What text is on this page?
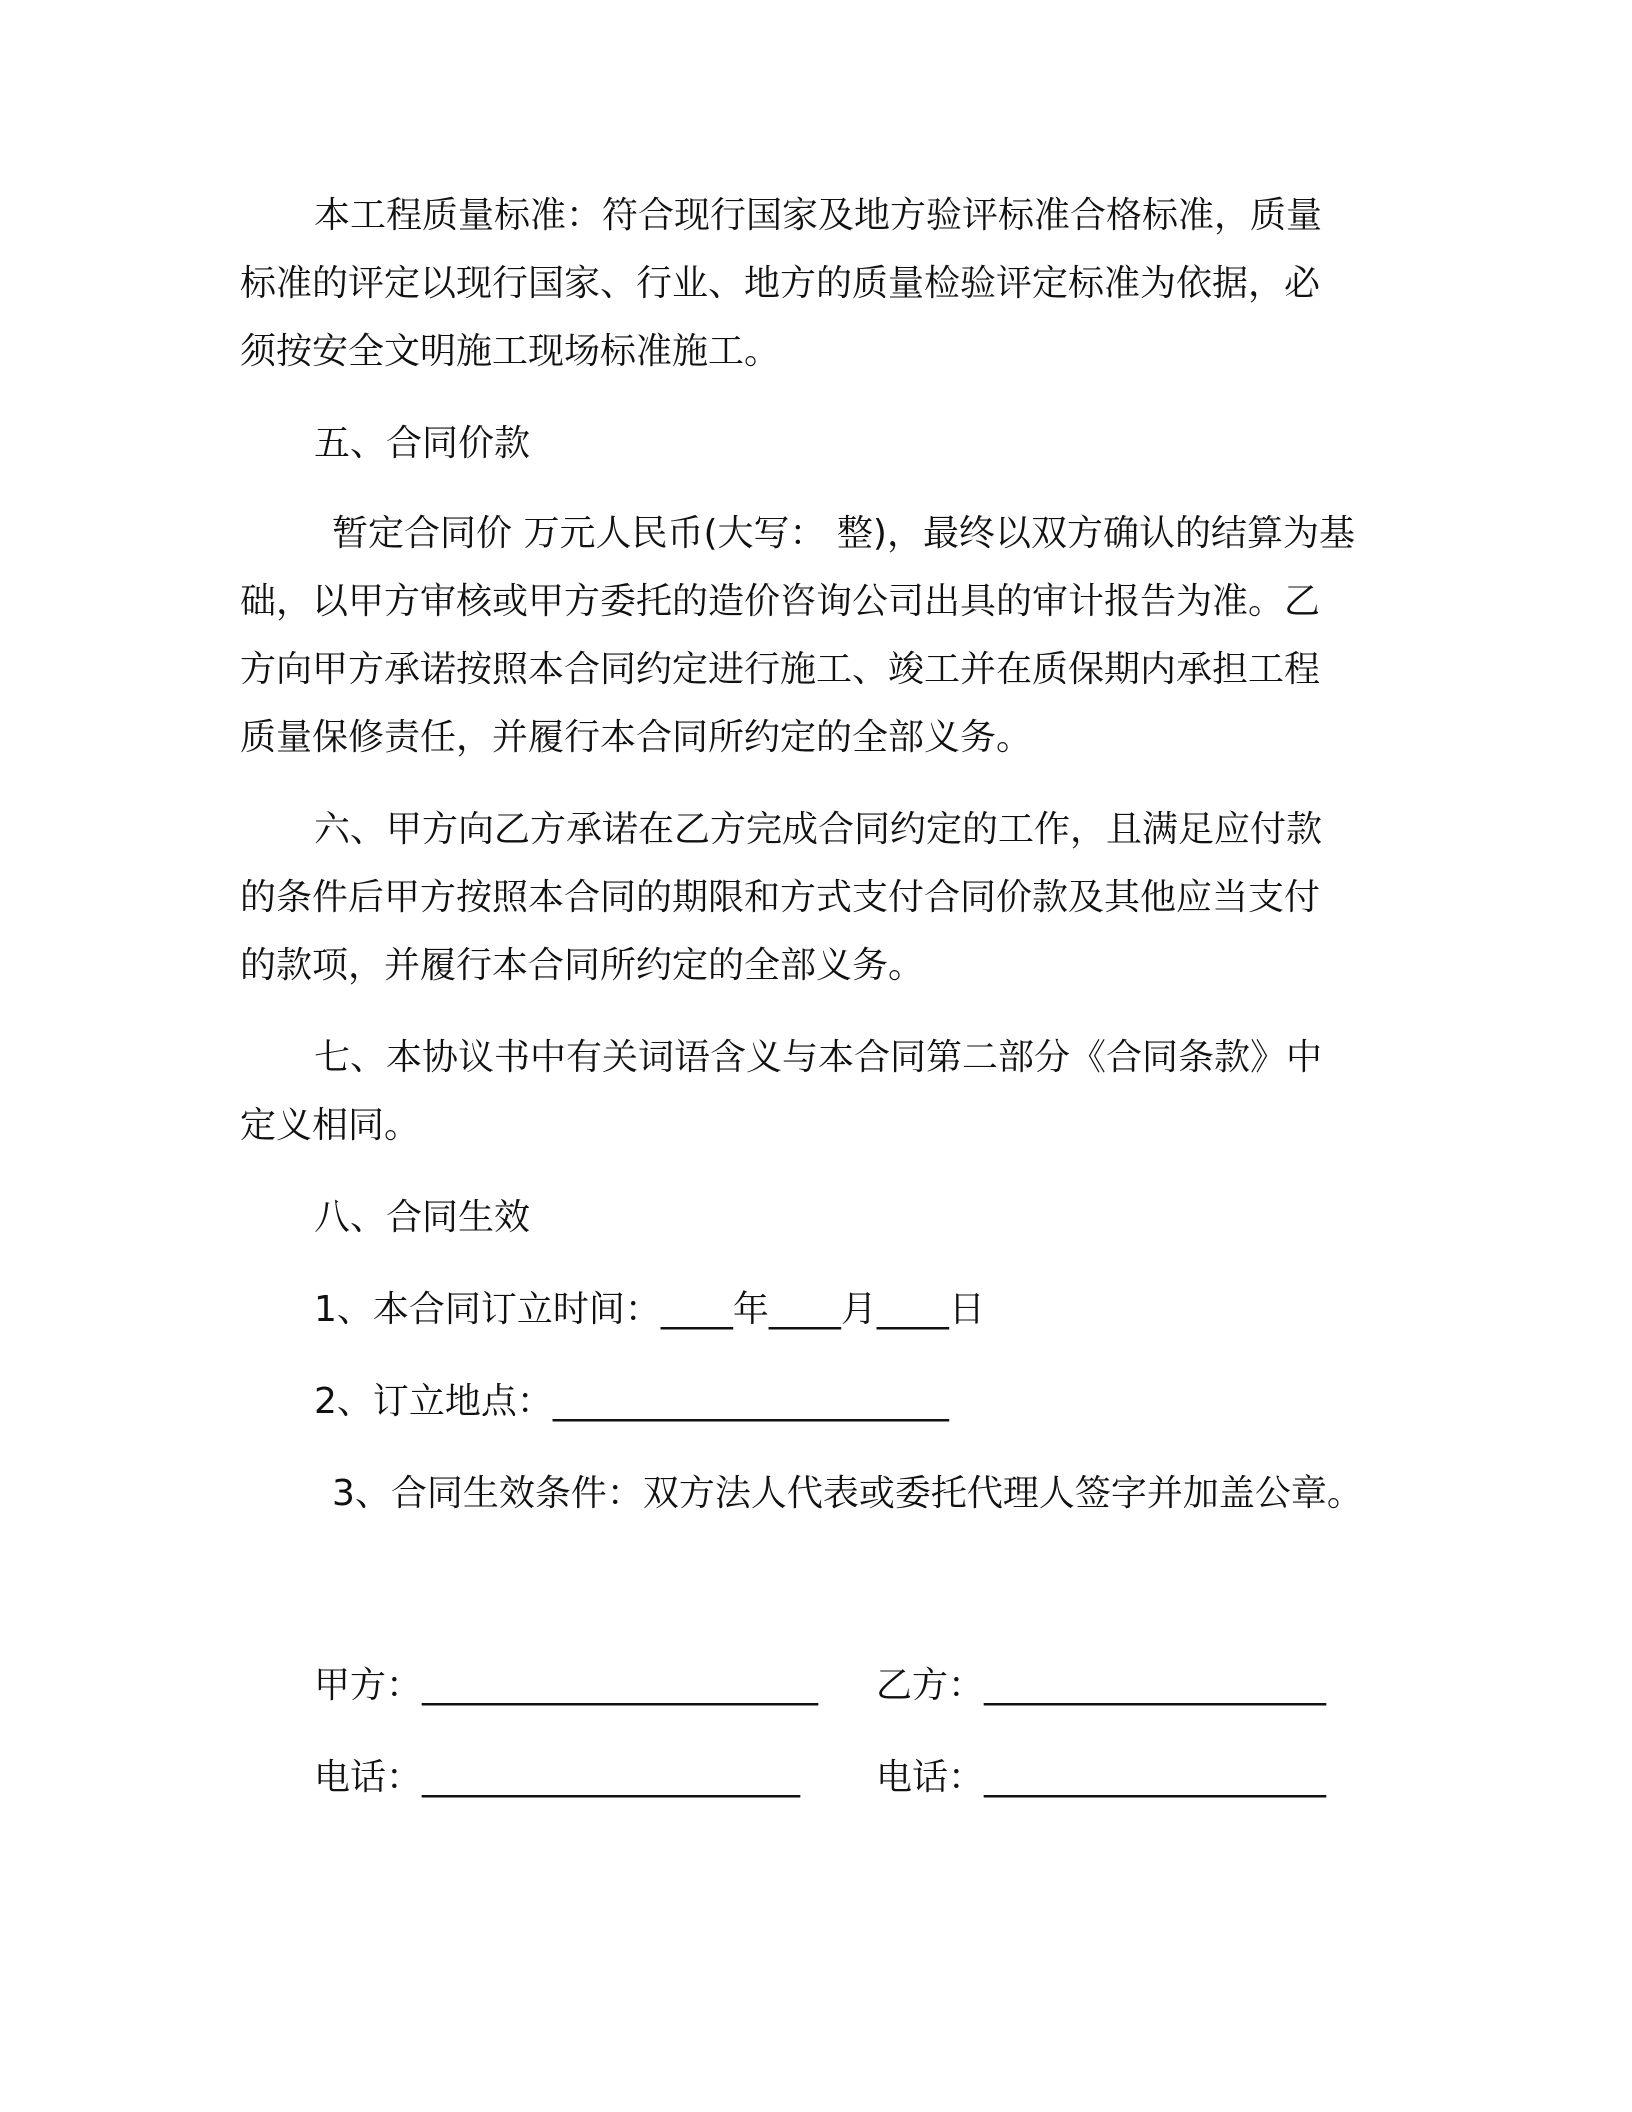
本工程质量标准：符合现行国家及地方验评标准合格标准，质量
标准的评定以现行国家、行业、地方的质量检验评定标准为依据，必
须按安全文明施工现场标准施工。
五、合同价款
暂定合同价 万元人民币(大写： 整)，最终以双方确认的结算为基
础，以甲方审核或甲方委托的造价咨询公司出具的审计报告为准。乙
方向甲方承诺按照本合同约定进行施工、竣工并在质保期内承担工程
质量保修责任，并履行本合同所约定的全部义务。
六、甲方向乙方承诺在乙方完成合同约定的工作，且满足应付款
的条件后甲方按照本合同的期限和方式支付合同价款及其他应当支付
的款项，并履行本合同所约定的全部义务。
七、本协议书中有关词语含义与本合同第二部分《合同条款》中
定义相同。
八、合同生效
1、本合同订立时间：____年____月____日
2、订立地点：______________________
3、合同生效条件：双方法人代表或委托代理人签字并加盖公章。
甲方：______________________ 乙方：___________________
电话：_____________________ 电话：___________________
